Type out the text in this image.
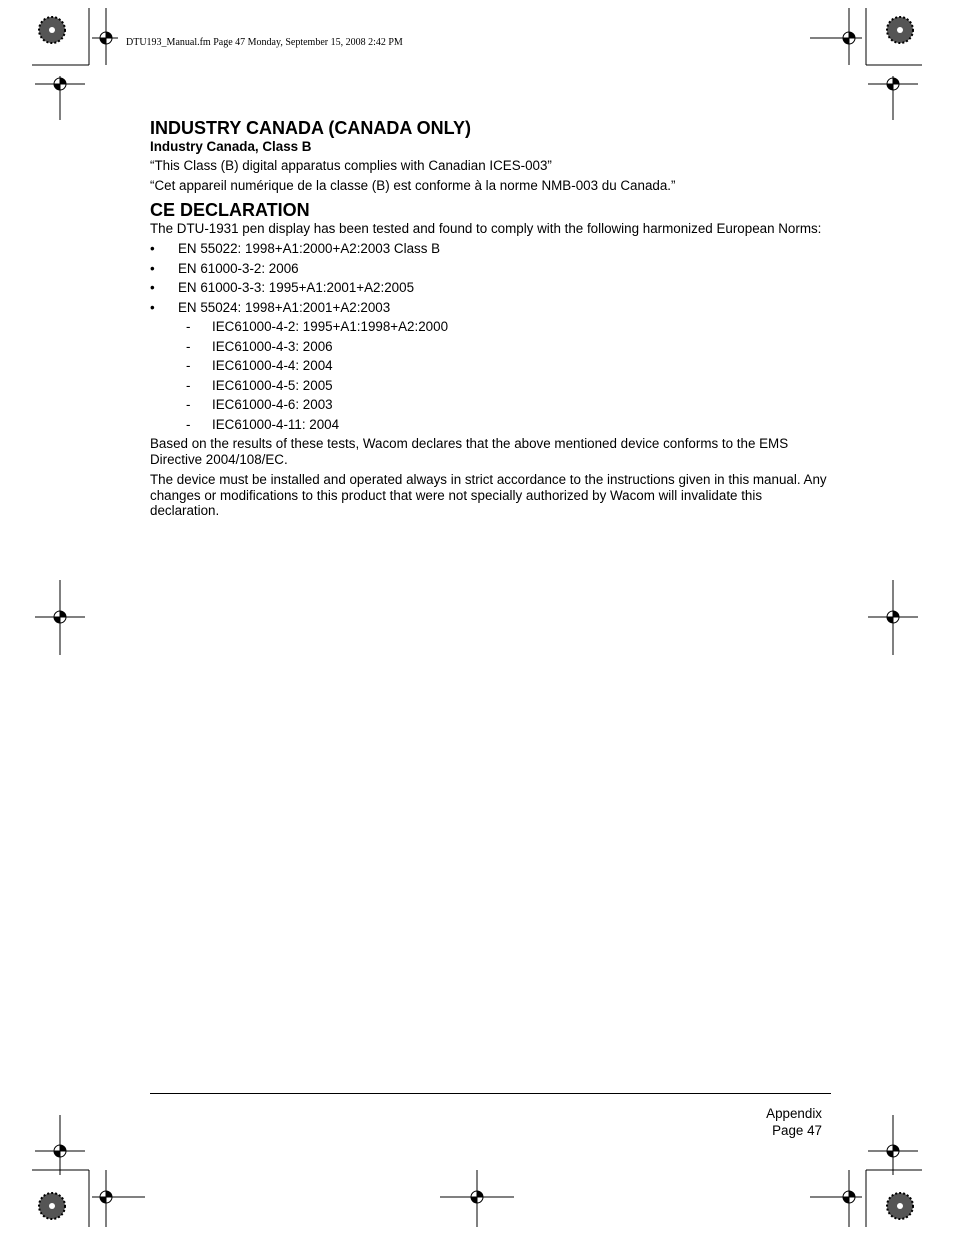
DTU193_Manual.fm Page 47 Monday, September 15, 2008 2:42 PM
INDUSTRY CANADA (CANADA ONLY)
Industry Canada, Class B

“This Class (B) digital apparatus complies with Canadian ICES-003”

“Cet appareil numérique de la classe (B) est conforme à la norme NMB-003 du Canada.”

CE DECLARATION

The DTU-1931 pen display has been tested and found to comply with the following harmonized European Norms:

• EN 55022: 1998+A1:2000+A2:2003 Class B
• EN 61000-3-2: 2006
• EN 61000-3-3: 1995+A1:2001+A2:2005
• EN 55024: 1998+A1:2001+A2:2003
- IEC61000-4-2: 1995+A1:1998+A2:2000
- IEC61000-4-3: 2006
- IEC61000-4-4: 2004
- IEC61000-4-5: 2005
- IEC61000-4-6: 2003
- IEC61000-4-11: 2004

Based on the results of these tests, Wacom declares that the above mentioned device conforms to the EMS Directive 2004/108/EC.

The device must be installed and operated always in strict accordance to the instructions given in this manual. Any changes or modifications to this product that were not specially authorized by Wacom will invalidate this declaration.

Appendix
Page 47
